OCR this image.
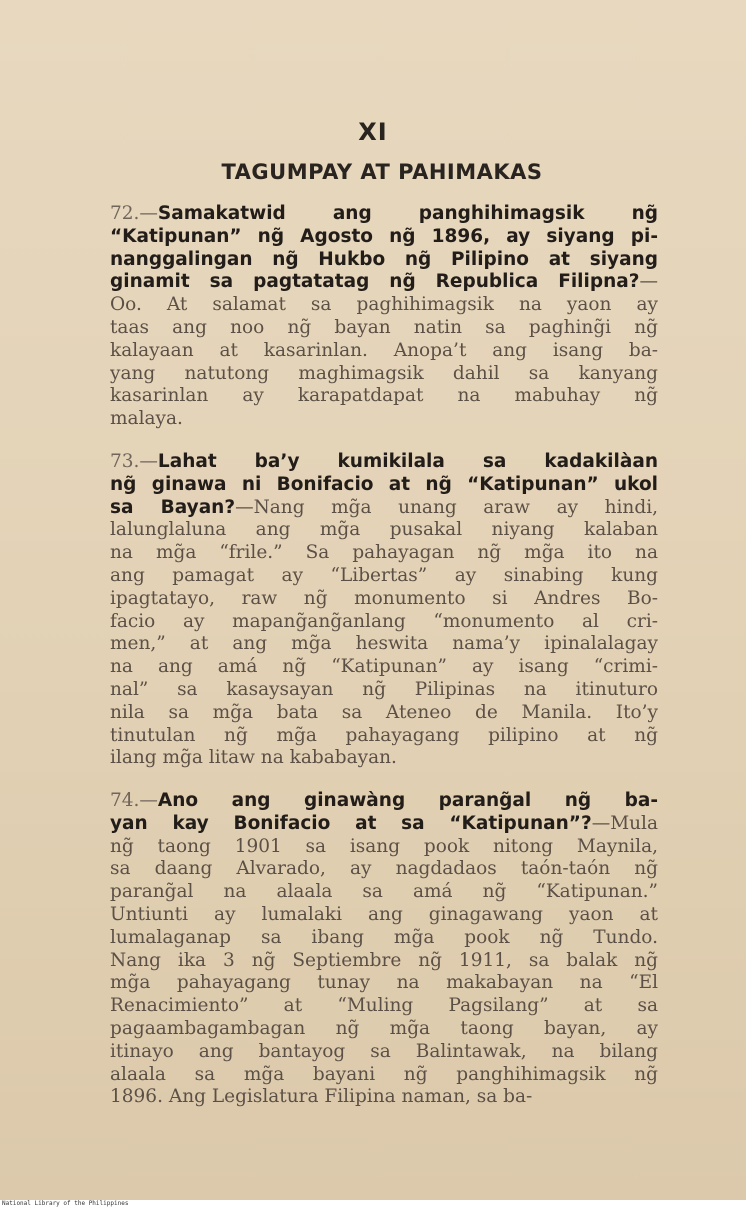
XI
TAGUMPAY AT PAHIMAKAS
72.—Samakatwid ang panghihimagsik ng̃
“Katipunan” ng̃ Agosto ng̃ 1896, ay siyang pi-
nanggalingan ng̃ Hukbo ng̃ Pilipino at siyang
ginamit sa pagtatatag ng̃ Republica Filipna?—
Oo. At salamat sa paghihimagsik na yaon ay
taas ang noo ng̃ bayan natin sa paghing̃i ng̃
kalayaan at kasarinlan. Anopa’t ang isang ba-
yang natutong maghimagsik dahil sa kanyang
kasarinlan ay karapatdapat na mabuhay ng̃
malaya.
73.—Lahat ba’y kumikilala sa kadakilàan
ng̃ ginawa ni Bonifacio at ng̃ “Katipunan” ukol
sa Bayan?—Nang mg̃a unang araw ay hindi,
lalunglaluna ang mg̃a pusakal niyang kalaban
na mg̃a “frile.” Sa pahayagan ng̃ mg̃a ito na
ang pamagat ay “Libertas” ay sinabing kung
ipagtatayo, raw ng̃ monumento si Andres Bo-
facio ay mapang̃ang̃anlang “monumento al cri-
men,” at ang mg̃a heswita nama’y ipinalalagay
na ang amá ng̃ “Katipunan” ay isang “crimi-
nal” sa kasaysayan ng̃ Pilipinas na itinuturo
nila sa mg̃a bata sa Ateneo de Manila. Ito’y
tinutulan ng̃ mg̃a pahayagang pilipino at ng̃
ilang mg̃a litaw na kababayan.
74.—Ano ang ginawàng parang̃al ng̃ ba-
yan kay Bonifacio at sa “Katipunan”?—Mula
ng̃ taong 1901 sa isang pook nitong Maynila,
sa daang Alvarado, ay nagdadaos taón-taón ng̃
parang̃al na alaala sa amá ng̃ “Katipunan.”
Untiunti ay lumalaki ang ginagawang yaon at
lumalaganap sa ibang mg̃a pook ng̃ Tundo.
Nang ika 3 ng̃ Septiembre ng̃ 1911, sa balak ng̃
mg̃a pahayagang tunay na makabayan na “El
Renacimiento” at “Muling Pagsilang” at sa
pagaambagambagan ng̃ mg̃a taong bayan, ay
itinayo ang bantayog sa Balintawak, na bilang
alaala sa mg̃a bayani ng̃ panghihimagsik ng̃
1896. Ang Legislatura Filipina naman, sa ba-
National Library of the Philippines
